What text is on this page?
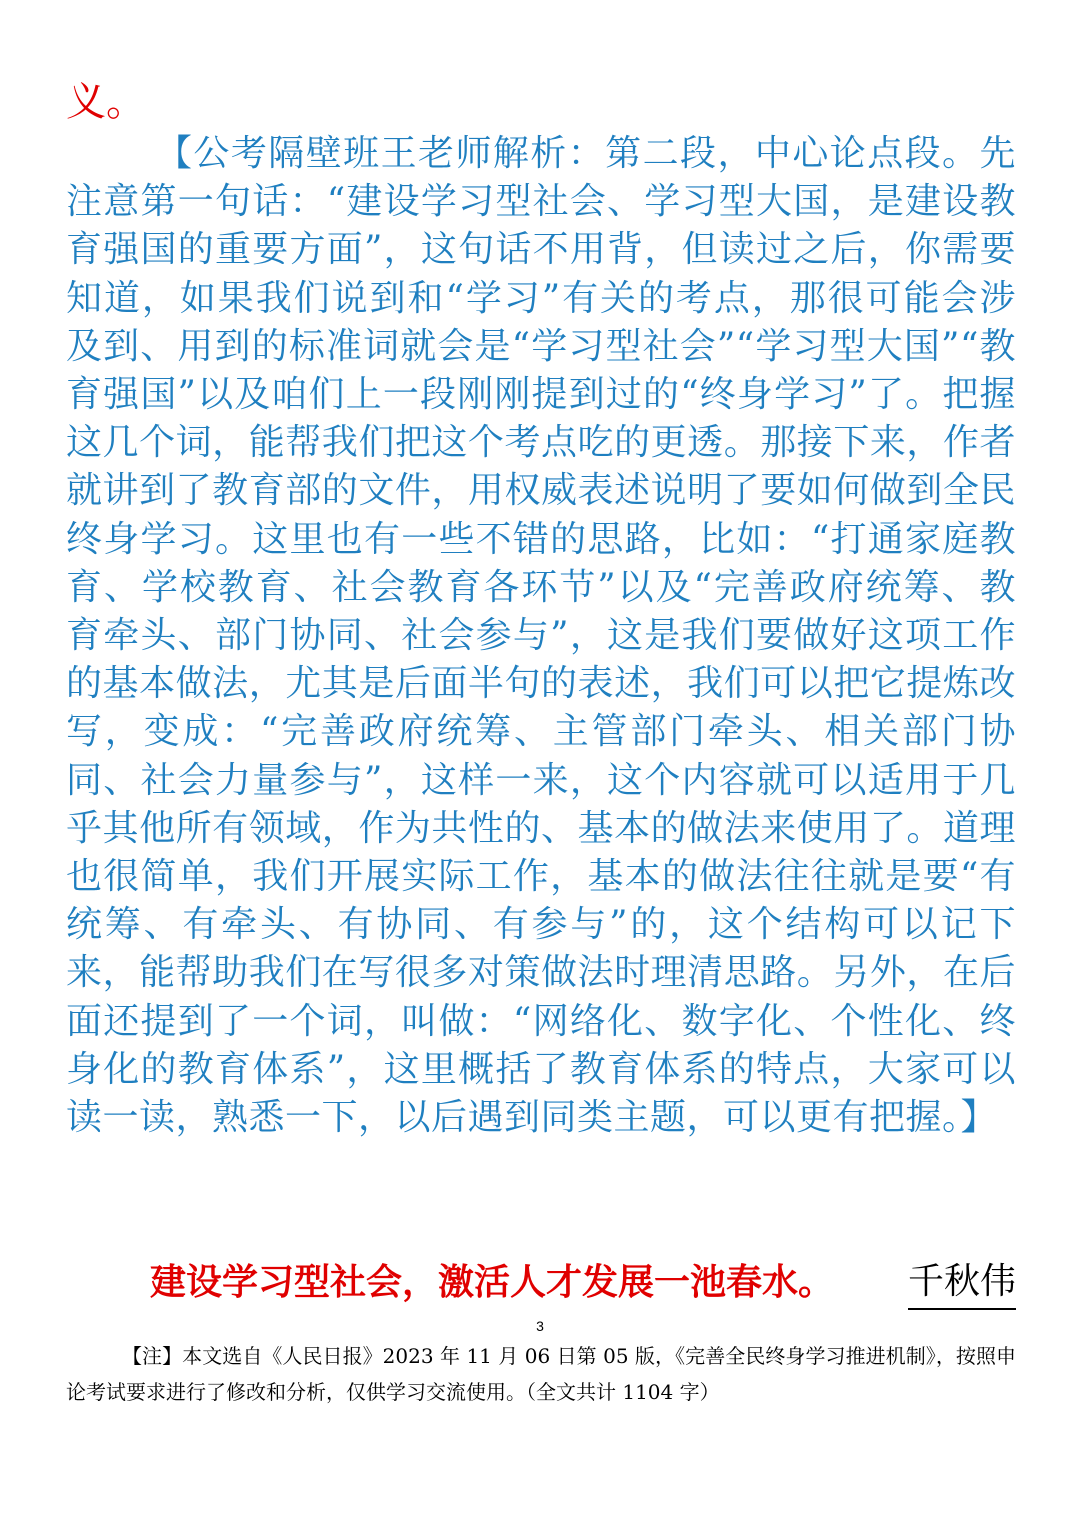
义。

【公考隔壁班王老师解析：第二段，中心论点段。先注意第一句话：“建设学习型社会、学习型大国，是建设教育强国的重要方面”，这句话不用背，但读过之后，你需要知道，如果我们说到和“学习”有关的考点，那很可能会涉及到、用到的标准词就会是“学习型社会”“学习型大国”“教育强国”以及咱们上一段刚刚提到过的“终身学习”了。把握这几个词，能帮我们把这个考点吃的更透。那接下来，作者就讲到了教育部的文件，用权威表述说明了要如何做到全民终身学习。这里也有一些不错的思路，比如：“打通家庭教育、学校教育、社会教育各环节”以及“完善政府统筹、教育牵头、部门协同、社会参与”，这是我们要做好这项工作的基本做法，尤其是后面半句的表述，我们可以把它提炼改写，变成：“完善政府统筹、主管部门牵头、相关部门协同、社会力量参与”，这样一来，这个内容就可以适用于几乎其他所有领域，作为共性的、基本的做法来使用了。道理也很简单，我们开展实际工作，基本的做法往往就是要“有统筹、有牵头、有协同、有参与”的，这个结构可以记下来，能帮助我们在写很多对策做法时理清思路。另外，在后面还提到了一个词，叫做：“网络化、数字化、个性化、终身化的教育体系”，这里概括了教育体系的特点，大家可以读一读，熟悉一下，以后遇到同类主题，可以更有把握。】

建设学习型社会，激活人才发展一池春水。 千秋伟
3

【注】本文选自《人民日报》2023 年 11 月 06 日第 05 版，《完善全民终身学习推进机制》，按照申论考试要求进行了修改和分析，仅供学习交流使用。（全文共计 1104 字）
